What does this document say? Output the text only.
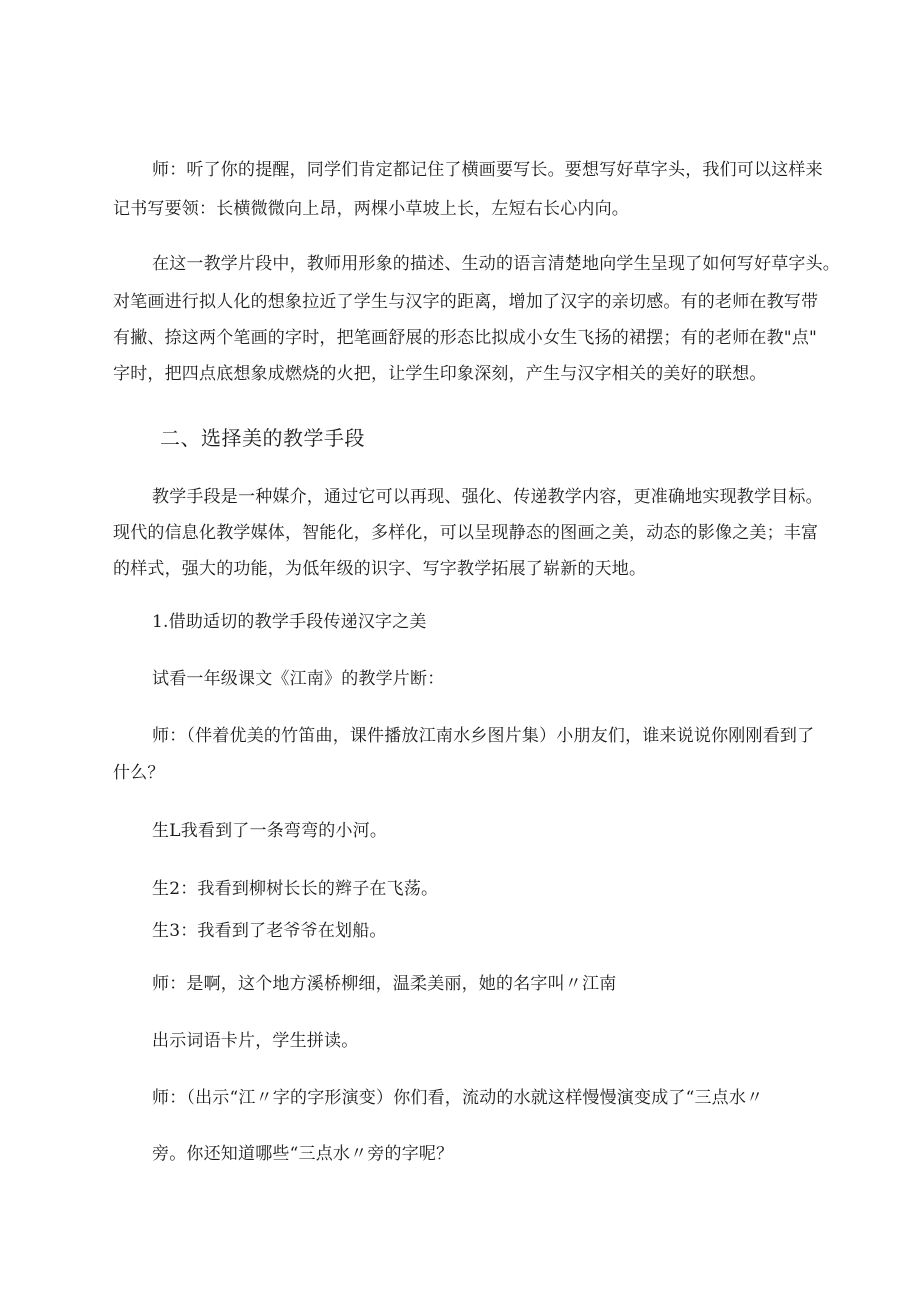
师：听了你的提醒，同学们肯定都记住了横画要写长。要想写好草字头，我们可以这样来
记书写要领：长横微微向上昂，两棵小草坡上长，左短右长心内向。
在这一教学片段中，教师用形象的描述、生动的语言清楚地向学生呈现了如何写好草字头。
对笔画进行拟人化的想象拉近了学生与汉字的距离，增加了汉字的亲切感。有的老师在教写带
有撇、捺这两个笔画的字时，把笔画舒展的形态比拟成小女生飞扬的裙摆；有的老师在教"点"
字时，把四点底想象成燃烧的火把，让学生印象深刻，产生与汉字相关的美好的联想。
二、选择美的教学手段
教学手段是一种媒介，通过它可以再现、强化、传递教学内容，更准确地实现教学目标。
现代的信息化教学媒体，智能化，多样化，可以呈现静态的图画之美，动态的影像之美；丰富
的样式，强大的功能，为低年级的识字、写字教学拓展了崭新的天地。
1.借助适切的教学手段传递汉字之美
试看一年级课文《江南》的教学片断：
师：（伴着优美的竹笛曲，课件播放江南水乡图片集）小朋友们，谁来说说你刚刚看到了
什么？
生L我看到了一条弯弯的小河。
生2：我看到柳树长长的辫子在飞荡。
生3：我看到了老爷爷在划船。
师：是啊，这个地方溪桥柳细，温柔美丽，她的名字叫〃江南
出示词语卡片，学生拼读。
师：（出示“江〃字的字形演变）你们看，流动的水就这样慢慢演变成了“三点水〃
旁。你还知道哪些“三点水〃旁的字呢？
